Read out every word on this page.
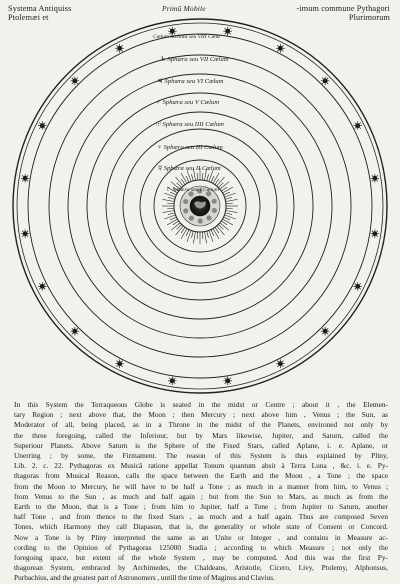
Systema Antiquiss
Ptolemæi et
Primũ Mobile	-imum commune Pythagori
Plurimorum
Cœlum Stellatũ seu VIII Cœlũ
♄ Sphæra seu VII Cœlum
♃ Sphæra seu VI Cœlum
♂ Sphæra seu V Cœlum
☉ Sphæra seu IIII Cœlum
♀ Sphæra seu III Cœlum
☿ Sphæra seu II Cœlum
☾ Sphæra seu I Cœlum
In this System the Terraqueous Globe is seated in the midst or Centre ; about it , the Elemen-
tary Region ; next above that, the Moon ; then Mercury ; next above him , Venus ; the Sun, as
Moderator of all, being placed, as in a Throne in the midst of the Planets, environed not only by
the three foregoing, called the Inferiour, but by Mars likewise, Jupiter, and Saturn, called the
Superiour Planets. Above Saturn is the Sphere of the Fixed Stars, called Aplane, i. e. Aplane, or
Unerring ; by some, the Firmament. The reason of this System is thus explained by Pliny,
Lib. 2. c. 22. Pythagoras ex Musicâ ratione appellat Tonum quantum absit à Terra Luna , &c. i. e. Py-
thagoras from Musical Reason, calls the space between the Earth and the Moon , a Tone ; the space
from the Moon to Mercury, he will have to be half a Tone ; as much in a manner from him, to Venus ;
from Venus to the Sun , as much and half again ; but from the Sun to Mars, as much as from the
Earth to the Moon, that is a Tone ; from him to Jupiter, half a Tone ; from Jupiter to Saturn, another
half Tone , and from thence to the fixed Stars , as much and a half again. Thus are composed Seven
Tones, which Harmony they call Diapason, that is, the generality or whole state of Consent or Concord.
Now a Tone is by Pliny interpreted the same as an Unite or Integer , and contains in Measure ac-
cording to the Opinion of Pythagoras 125000 Stadia ; according to which Measure ; not only the
foregoing space, but extent of the whole System , may be computed. And this was the first Py-
thagorean System, embraced by Archimedes, the Chaldeans, Aristotle, Cicero, Livy, Ptolemy, Alphonsus,
Purbachius, and the greatest part of Astronomers , untill the time of Maginus and Clavius.
